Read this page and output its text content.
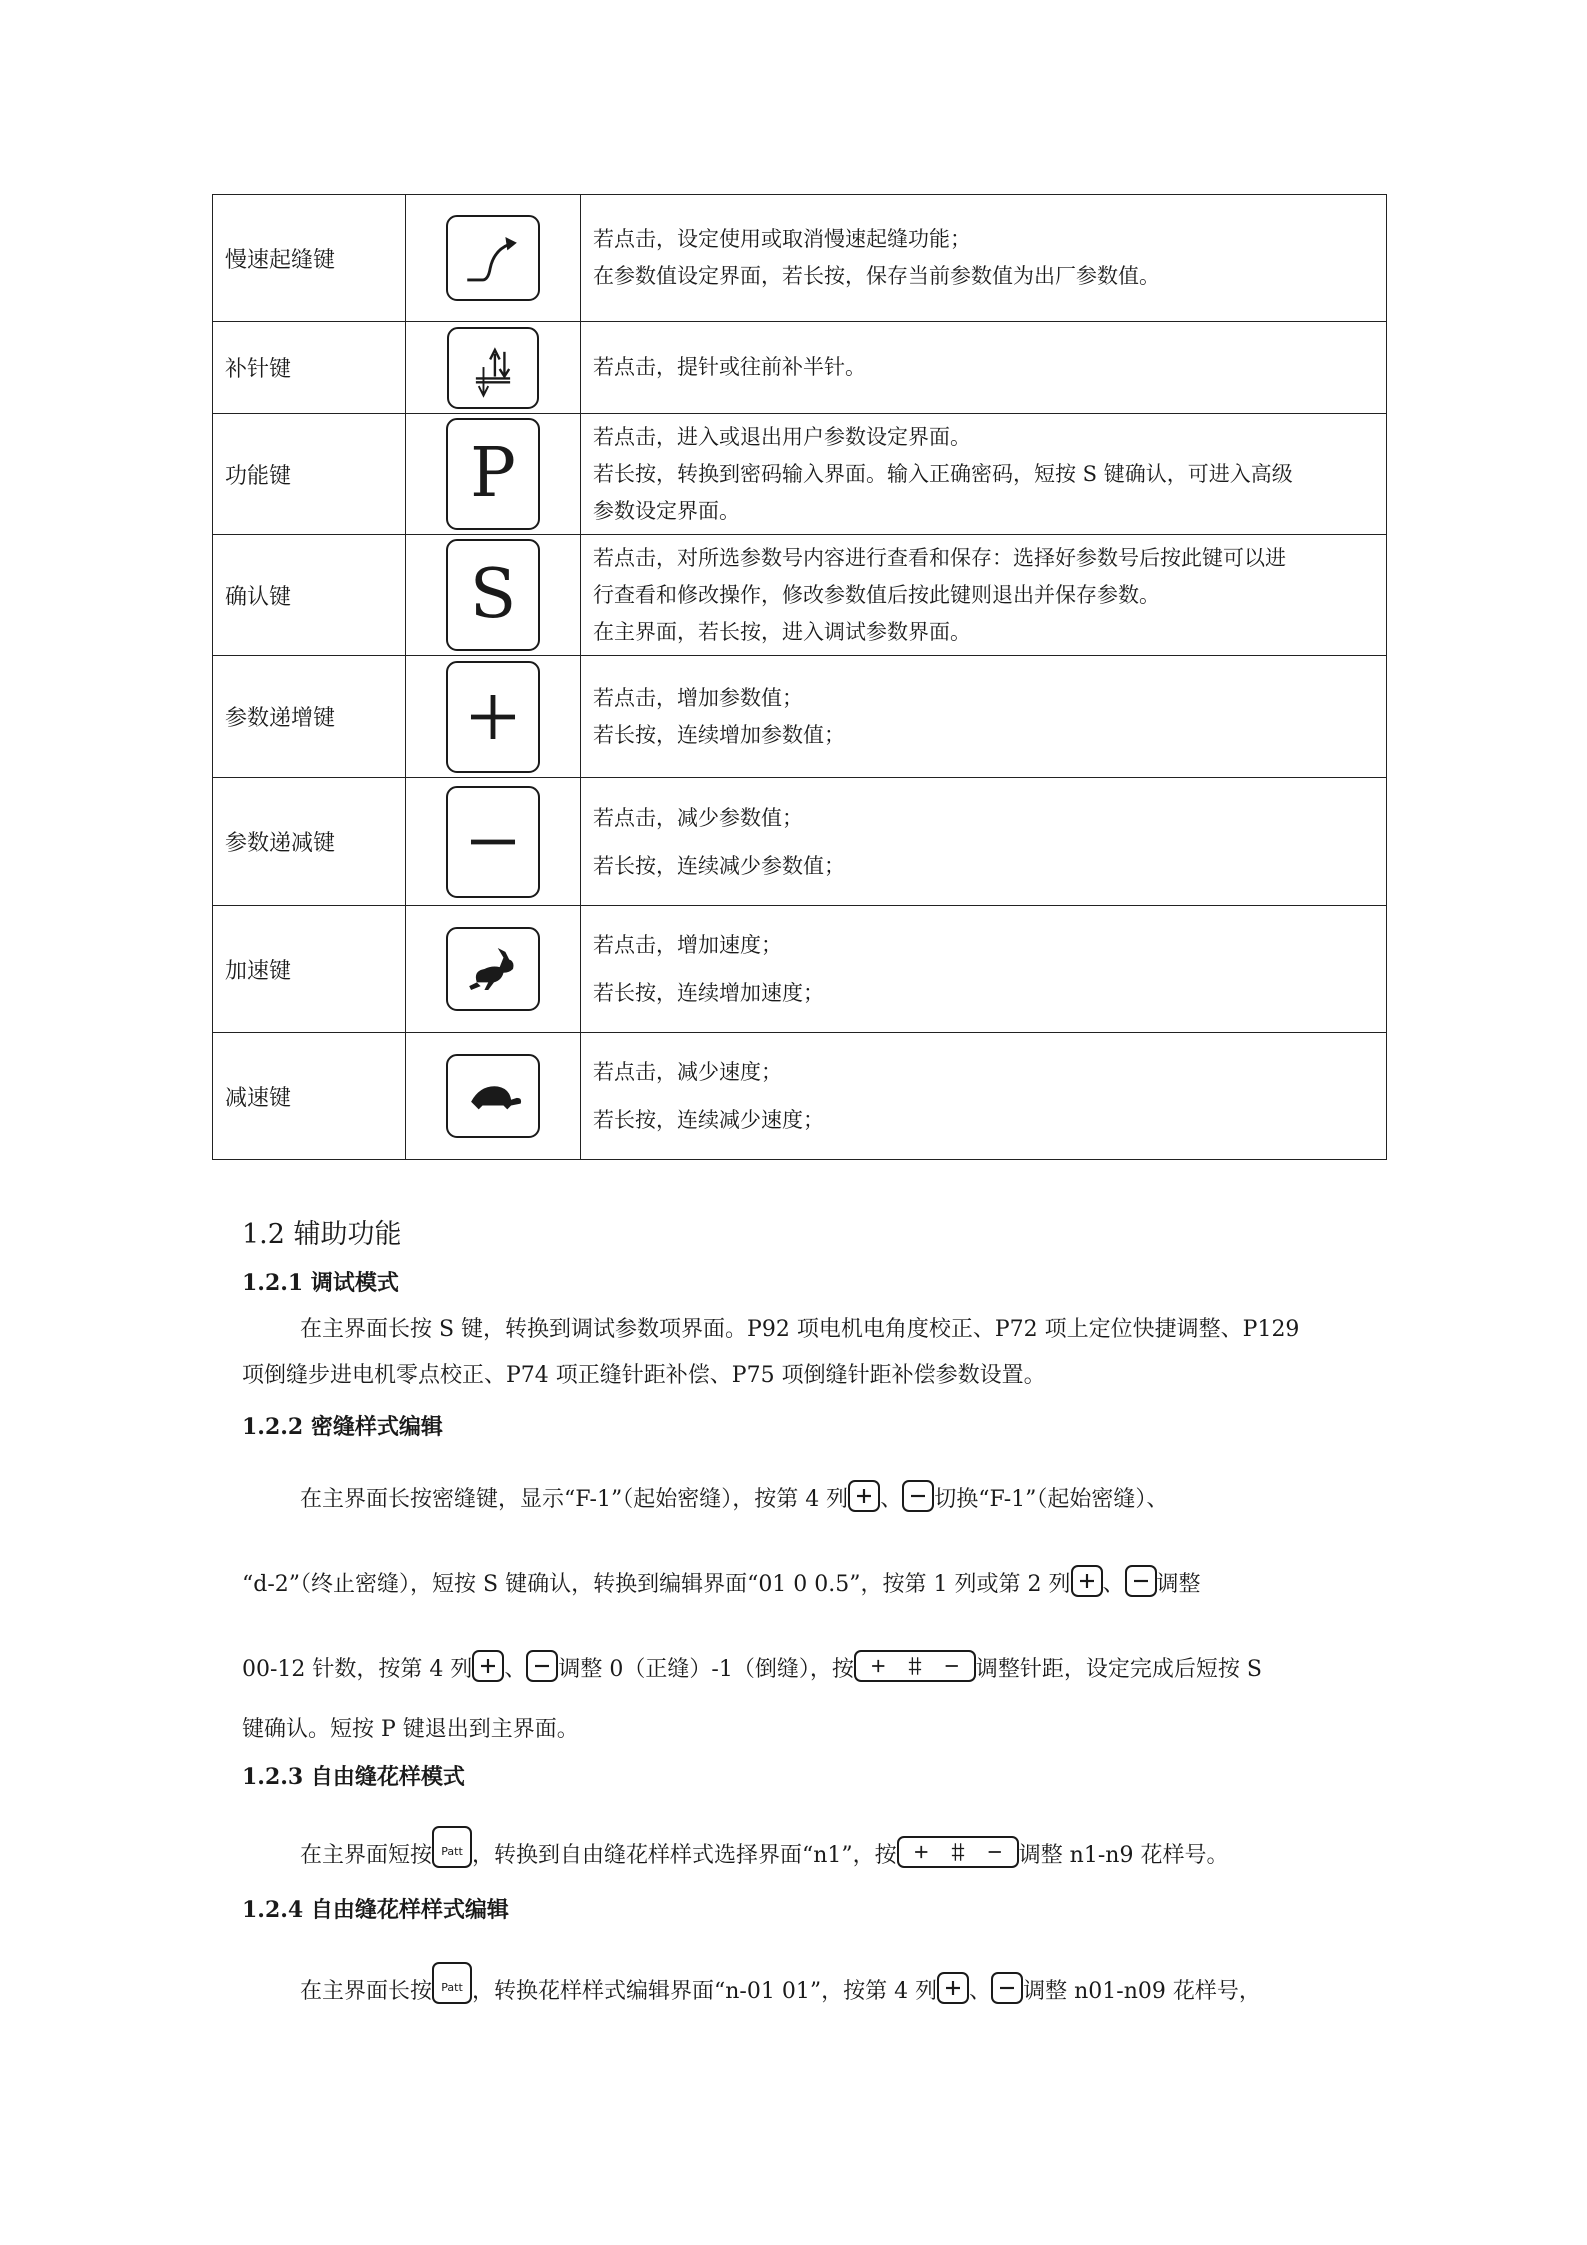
慢速起缝键		若点击，设定使用或取消慢速起缝功能；
在参数值设定界面，若长按，保存当前参数值为出厂参数值。

补针键		若点击，提针或往前补半针。

功能键	P	若点击，进入或退出用户参数设定界面。
若长按，转换到密码输入界面。输入正确密码，短按 S 键确认，可进入高级
参数设定界面。

确认键	S	若点击，对所选参数号内容进行查看和保存：选择好参数号后按此键可以进
行查看和修改操作，修改参数值后按此键则退出并保存参数。
在主界面，若长按，进入调试参数界面。

参数递增键		若点击，增加参数值；
若长按，连续增加参数值；

参数递减键		若点击，减少参数值；
若长按，连续减少参数值；

加速键		若点击，增加速度；
若长按，连续增加速度；

减速键		若点击，减少速度；
若长按，连续减少速度；
1.2 辅助功能
1.2.1 调试模式
在主界面长按 S 键，转换到调试参数项界面。P92 项电机电角度校正、P72 项上定位快捷调整、P129
项倒缝步进电机零点校正、P74 项正缝针距补偿、P75 项倒缝针距补偿参数设置。
1.2.2 密缝样式编辑
在主界面长按密缝键，显示“F-1”（起始密缝），按第 4 列 、 切换“F-1”（起始密缝）、
“d-2”（终止密缝），短按 S 键确认，转换到编辑界面“01 0 0.5”，按第 1 列或第 2 列 、 调整
00-12 针数，按第 4 列 、 调整 0（正缝）-1（倒缝），按	调整针距，设定完成后短按 S
键确认。短按 P 键退出到主界面。
1.2.3 自由缝花样模式
在主界面短按 Patt ，转换到自由缝花样样式选择界面“n1”，按	调整 n1-n9 花样号。
1.2.4 自由缝花样样式编辑
在主界面长按 Patt ，转换花样样式编辑界面“n-01 01”，按第 4 列 、 调整 n01-n09 花样号，
